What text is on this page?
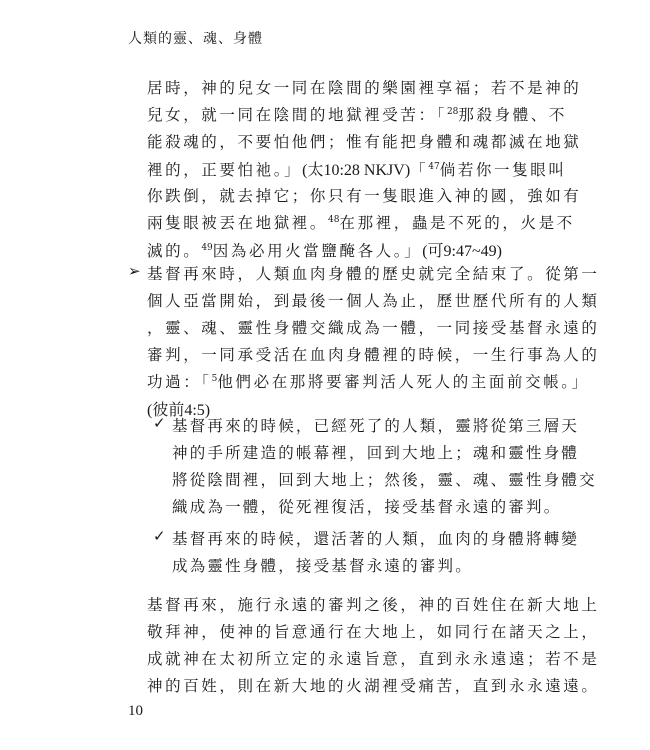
人類的靈、魂、身體
居時，神的兒女一同在陰間的樂園裡享福；若不是神的
兒女，就一同在陰間的地獄裡受苦：「$^{28}$那殺身體、不
能殺魂的，不要怕他們；惟有能把身體和魂都滅在地獄
裡的，正要怕祂。」(太10:28 NKJV)「$^{47}$倘若你一隻眼叫
你跌倒，就去掉它；你只有一隻眼進入神的國，強如有
兩隻眼被丟在地獄裡。$^{48}$在那裡，蟲是不死的，火是不
滅的。$^{49}$因為必用火當鹽醃各人。」(可9:47~49)
➢ 基督再來時，人類血肉身體的歷史就完全結束了。從第一
個人亞當開始，到最後一個人為止，歷世歷代所有的人類
，靈、魂、靈性身體交織成為一體，一同接受基督永遠的
審判，一同承受活在血肉身體裡的時候，一生行事為人的
功過：「$^5$他們必在那將要審判活人死人的主面前交帳。」
(彼前4:5)
✓ 基督再來的時候，已經死了的人類，靈將從第三層天
神的手所建造的帳幕裡，回到大地上；魂和靈性身體
將從陰間裡，回到大地上；然後，靈、魂、靈性身體交
織成為一體，從死裡復活，接受基督永遠的審判。
✓ 基督再來的時候，還活著的人類，血肉的身體將轉變
成為靈性身體，接受基督永遠的審判。
基督再來，施行永遠的審判之後，神的百姓住在新大地上
敬拜神，使神的旨意通行在大地上，如同行在諸天之上，
成就神在太初所立定的永遠旨意，直到永永遠遠；若不是
神的百姓，則在新大地的火湖裡受痛苦，直到永永遠遠。
10
